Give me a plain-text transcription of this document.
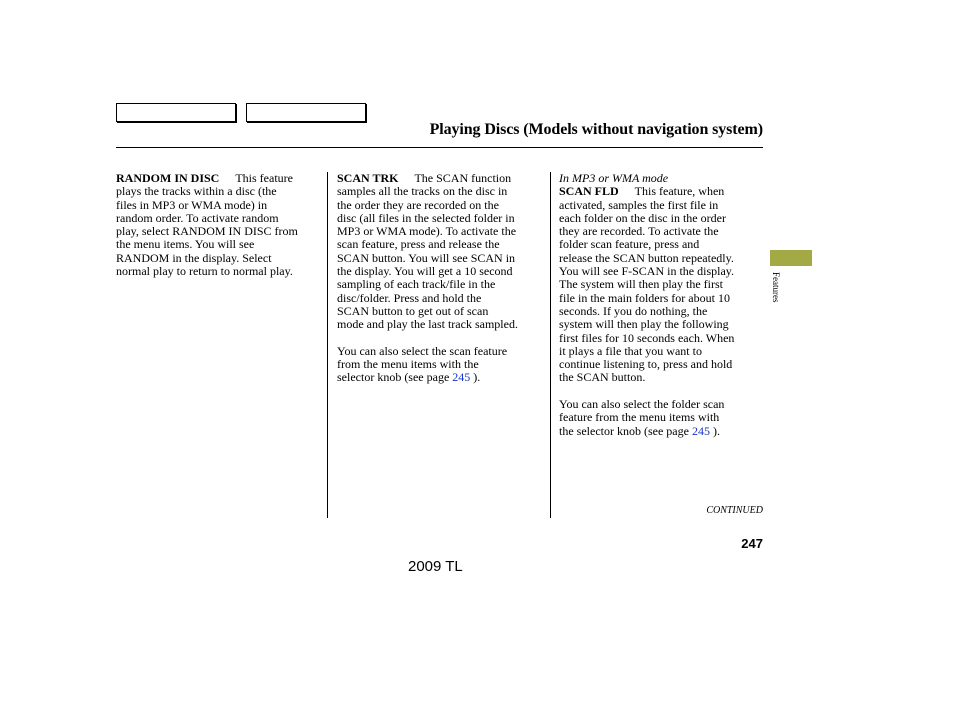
Playing Discs (Models without navigation system)
Features

RANDOM IN DISC This feature

plays the tracks within a disc (the

files in MP3 or WMA mode) in

random order. To activate random

play, select RANDOM IN DISC from

the menu items. You will see

RANDOM in the display. Select

normal play to return to normal play.

SCAN TRK The SCAN function

samples all the tracks on the disc in

the order they are recorded on the

disc (all files in the selected folder in

MP3 or WMA mode). To activate the

scan feature, press and release the

SCAN button. You will see SCAN in

the display. You will get a 10 second

sampling of each track/file in the

disc/folder. Press and hold the

SCAN button to get out of scan

mode and play the last track sampled.

You can also select the scan feature

from the menu items with the

selector knob (see page 245 ).

In MP3 or WMA mode

SCAN FLD This feature, when

activated, samples the first file in

each folder on the disc in the order

they are recorded. To activate the

folder scan feature, press and

release the SCAN button repeatedly.

You will see F-SCAN in the display.

The system will then play the first

file in the main folders for about 10

seconds. If you do nothing, the

system will then play the following

first files for 10 seconds each. When

it plays a file that you want to

continue listening to, press and hold

the SCAN button.

You can also select the folder scan

feature from the menu items with

the selector knob (see page 245 ).

CONTINUED
247
2009 TL
